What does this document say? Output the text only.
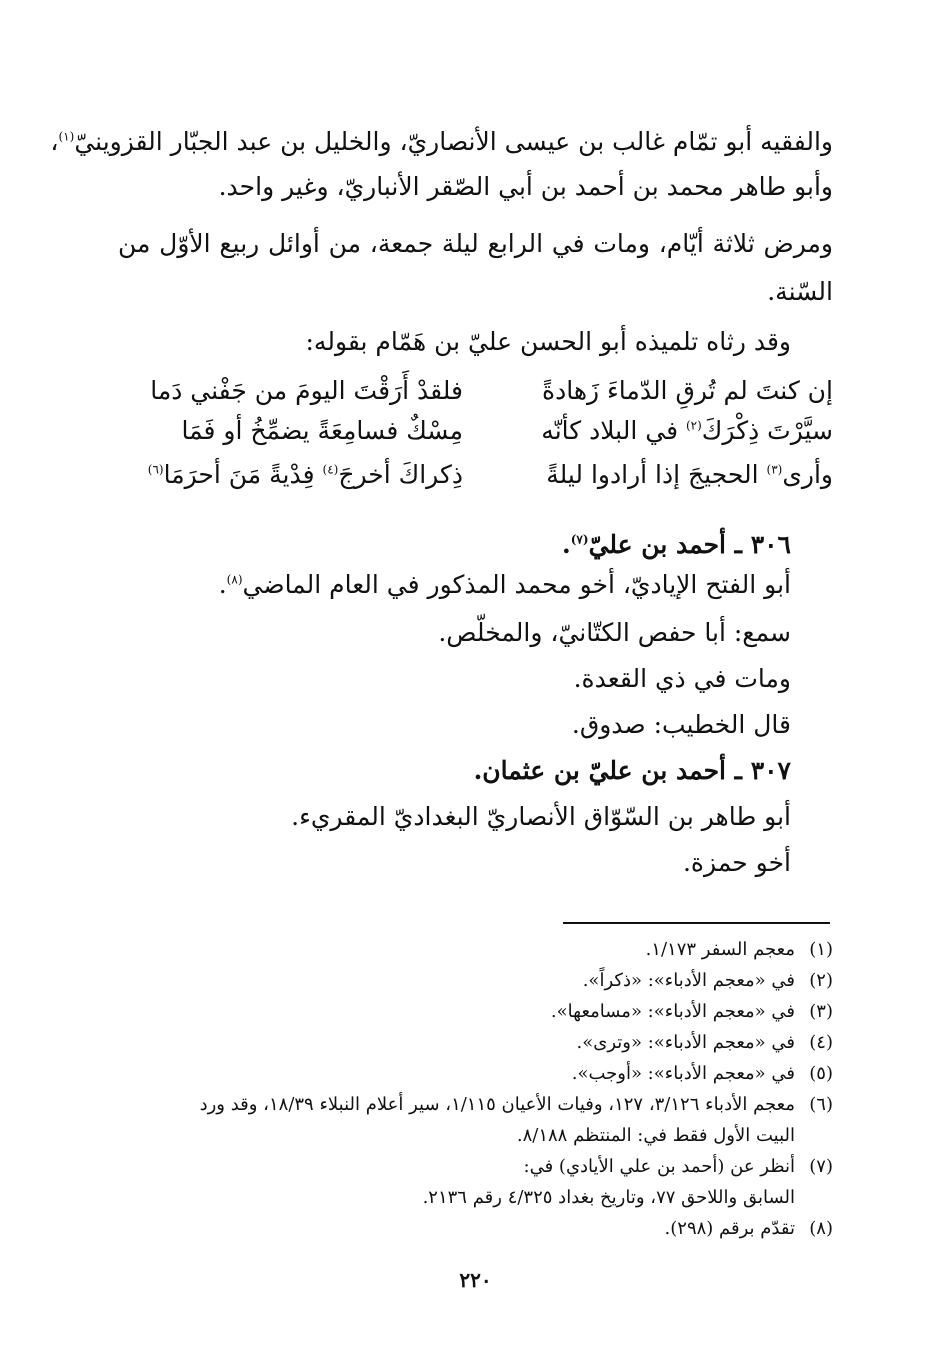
والفقيه أبو تمّام غالب بن عيسى الأنصاريّ، والخليل بن عبد الجبّار القزوينيّ$^{(١)}$،
وأبو طاهر محمد بن أحمد بن أبي الصّقر الأنباريّ، وغير واحد.
ومرض ثلاثة أيّام، ومات في الرابع ليلة جمعة، من أوائل ربيع الأوّل من السّنة.
وقد رثاه تلميذه أبو الحسن عليّ بن هَمّام بقوله:
إن كنتَ لم تُرقِ الدّماءَ زَهادةً
فلقدْ أَرَقْتَ اليومَ من جَفْني دَما
سيَّرْتَ ذِكْرَكَ$^{(٢)}$ في البلاد كأنّه
مِسْكٌ فسامِعَةً يضمِّخُ أو فَمَا
وأرى$^{(٣)}$ الحجيجَ إذا أرادوا ليلةً
ذِكراكَ أخرجَ$^{(٤)}$ فِدْيةً مَنَ أحرَمَا$^{(٦)}$
٣٠٦ ـ أحمد بن عليّ$^{(٧)}$.
أبو الفتح الإياديّ، أخو محمد المذكور في العام الماضي$^{(٨)}$.
سمع: أبا حفص الكتّانيّ، والمخلّص.
ومات في ذي القعدة.
قال الخطيب: صدوق.
٣٠٧ ـ أحمد بن عليّ بن عثمان.
أبو طاهر بن السّوّاق الأنصاريّ البغداديّ المقريء.
أخو حمزة.
(١)معجم السفر ١/١٧٣.
(٢)في «معجم الأدباء»: «ذكراً».
(٣)في «معجم الأدباء»: «مسامعها».
(٤)في «معجم الأدباء»: «وترى».
(٥)في «معجم الأدباء»: «أوجب».
(٦)معجم الأدباء ٣/١٢٦، ١٢٧، وفيات الأعيان ١/١١٥، سير أعلام النبلاء ١٨/٣٩، وقد ورد
البيت الأول فقط في: المنتظم ٨/١٨٨.
(٧)أنظر عن (أحمد بن علي الأيادي) في:
السابق واللاحق ٧٧، وتاريخ بغداد ٤/٣٢٥ رقم ٢١٣٦.
(٨)تقدّم برقم (٢٩٨).
٢٢٠
